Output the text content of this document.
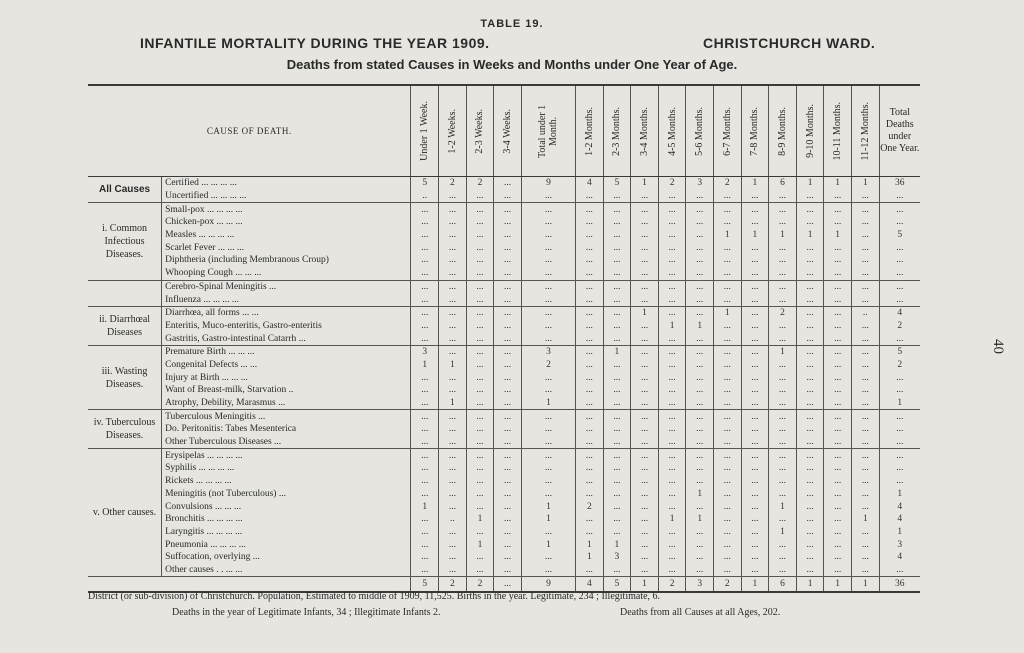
TABLE 19.
INFANTILE MORTALITY DURING THE YEAR 1909.	CHRISTCHURCH WARD.
Deaths from stated Causes in Weeks and Months under One Year of Age.
40
CAUSE OF DEATH.		Under 1 Week.	1-2 Weeks.	2-3 Weeks.	3-4 Weeks.	Total under 1 Month.	1-2 Months.	2-3 Months.	3-4 Months.	4-5 Months.	5-6 Months.	6-7 Months.	7-8 Months.	8-9 Months.	9-10 Months.	10-11 Months.	11-12 Months.	Total Deaths under One Year.

All Causes	Certified ... ... ... ...	5	2	2	...	9	4	5	1	2	3	2	1	6	1	1	1	36
	Uncertified ... ... ... ...	..	...	...	...	...	...	...	...	...	...	...	...	...	...	...	...	...
i. Common Infectious Diseases.	Small-pox ... ... ... ...	...	...	...	...	...	...	...	...	...	...	...	...	...	...	...	...	...
	Chicken-pox ... ... ...	...	...	...	...	...	...	...	...	...	...	...	...	...	...	...	...	...
	Measles ... ... ... ...	...	...	...	...	...	...	...	...	...	...	1	1	1	1	1	...	5
	Scarlet Fever ... ... ...	...	...	...	...	...	...	...	...	...	...	...	...	...	...	...	...	...
	Diphtheria (including Membranous Croup)	...	...	...	...	...	...	...	...	...	...	...	...	...	...	...	...	...
	Whooping Cough ... ... ...	...	...	...	...	...	...	...	...	...	...	...	...	...	...	...	...	...
	Cerebro-Spinal Meningitis ...	...	...	...	...	...	...	...	...	...	...	...	...	...	...	...	...	...
	Influenza ... ... ... ...	...	...	...	...	...	...	...	...	...	...	...	...	...	...	...	...	...
ii. Diarrhœal Diseases	Diarrhœa, all forms ... ...	...	...	...	...	...	...	...	1	...	...	1	...	2	...	...	..	4
	Enteritis, Muco-enteritis, Gastro-enteritis	...	...	...	...	...	...	...	...	1	1	...	...	...	...	...	...	2
	Gastritis, Gastro-intestinal Catarrh ...	...	...	...	...	...	...	...	...	...	...	...	...	...	...	...	...	...
iii. Wasting Diseases.	Premature Birth ... ... ...	3	...	...	...	3	...	1	...	...	...	...	...	1	...	...	...	5
	Congenital Defects ... ...	1	1	...	...	2	...	...	...	...	...	...	...	...	...	...	...	2
	Injury at Birth ... ... ...	...	...	...	...	...	...	...	...	...	...	...	...	...	...	...	...	...
	Want of Breast-milk, Starvation ..	...	...	...	...	...	...	...	...	...	...	...	...	...	...	...	...	...
	Atrophy, Debility, Marasmus ...	...	1	...	...	1	...	...	...	...	...	...	...	...	...	...	...	1
iv. Tuberculous Diseases.	Tuberculous Meningitis ...	...	...	...	...	...	...	...	...	...	...	...	...	...	...	...	...	...
	Do. Peritonitis: Tabes Mesenterica	...	...	...	...	...	...	...	...	...	...	...	...	...	...	...	...	...
	Other Tuberculous Diseases ...	...	...	...	...	...	...	...	...	...	...	...	...	...	...	...	...	...
v. Other causes.	Erysipelas ... ... ... ...	...	...	...	...	...	...	...	...	...	...	...	...	...	...	...	...	...
	Syphilis ... ... ... ...	...	...	...	...	...	...	...	...	...	...	...	...	...	...	...	...	...
	Rickets ... ... ... ...	...	...	...	...	...	...	...	...	...	...	...	...	...	...	...	...	...
	Meningitis (not Tuberculous) ...	...	...	...	...	...	...	...	...	...	1	...	...	...	...	...	...	1
	Convulsions ... ... ...	1	...	...	...	1	2	...	...	...	...	...	...	1	...	...	...	4
	Bronchitis ... ... ... ...	...	..	1	...	1	...	...	...	1	1	...	...	...	...	...	1	4
	Laryngitis ... ... ... ...	...	...	...	...	...	...	...	...	...	...	...	...	1	...	...	...	1
	Pneumonia ... ... ... ...	...	...	1	...	1	1	1	...	...	...	...	...	...	...	...	...	3
	Suffocation, overlying ...	...	...	...	...	...	1	3	...	...	...	...	...	...	...	...	...	4
	Other causes . . ... ...	...	...	...	...	...	...	...	...	...	...	...	...	...	...	...	...	...
		5	2	2	...	9	4	5	1	2	3	2	1	6	1	1	1	36
District (or sub-division) of Christchurch. Population, Estimated to middle of 1909, 11,525. Births in the year. Legitimate, 234 ; Illegitimate, 6.
Deaths in the year of Legitimate Infants, 34 ; Illegitimate Infants 2.	Deaths from all Causes at all Ages, 202.
